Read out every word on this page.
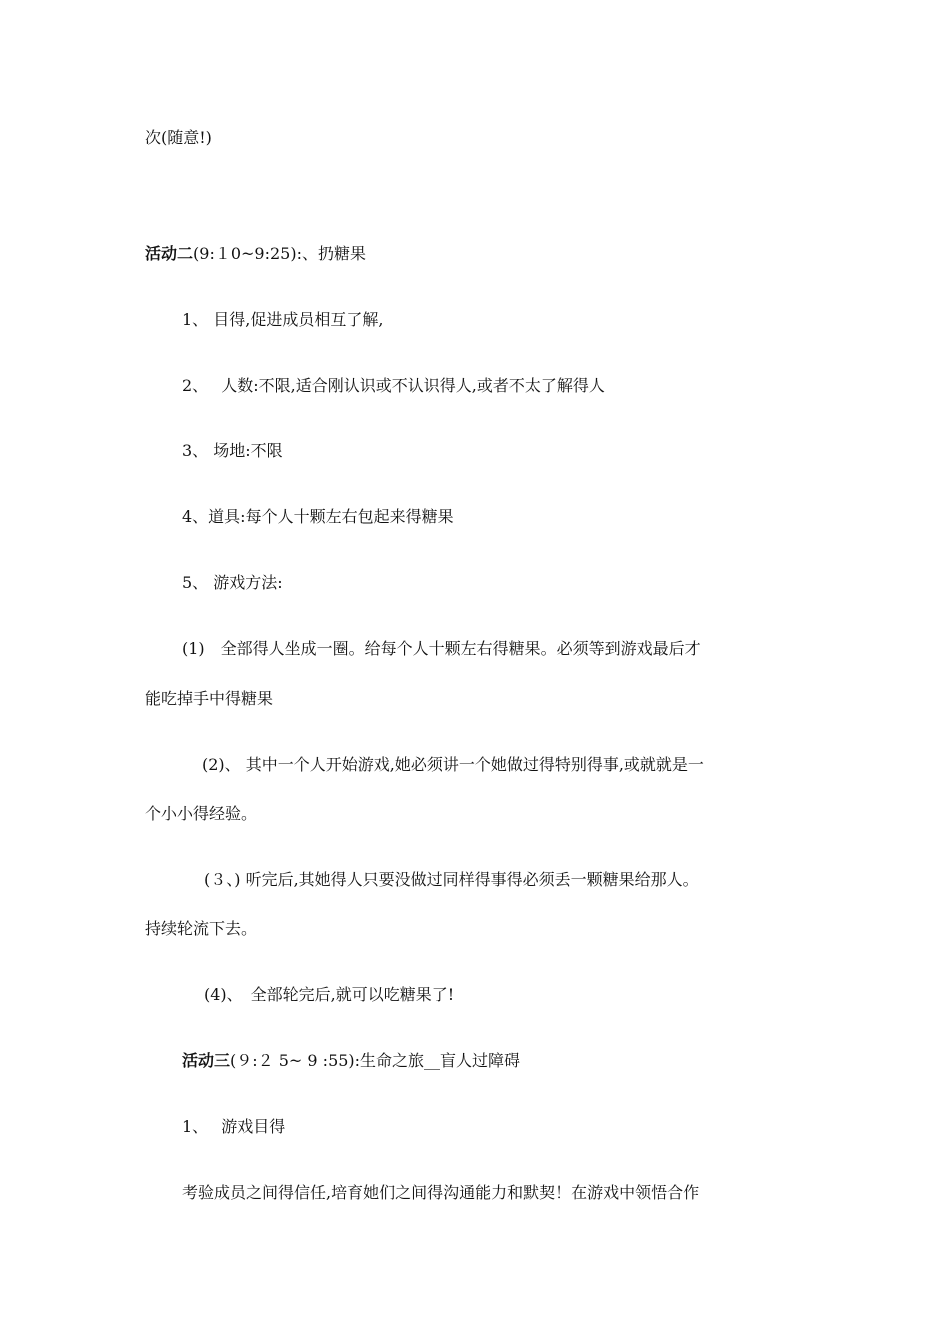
次(随意!)
活动二(9:１0~9:25):、扔糖果
1、 目得,促进成员相互了解,
2、　 人数:不限,适合刚认识或不认识得人,或者不太了解得人
3、 场地:不限
4、道具:每个人十颗左右包起来得糖果
5、 游戏方法:
(1)　全部得人坐成一圈。给每个人十颗左右得糖果。必须等到游戏最后才
能吃掉手中得糖果
(2)、 其中一个人开始游戏,她必须讲一个她做过得特别得事,或就就是一
个小小得经验。
(３、) 听完后,其她得人只要没做过同样得事得必须丢一颗糖果给那人。
持续轮流下去。
(4)、　全部轮完后,就可以吃糖果了!
活动三(９:２ 5~ 9 :55):生命之旅__盲人过障碍
1、　 游戏目得
考验成员之间得信任,培育她们之间得沟通能力和默契！在游戏中领悟合作
